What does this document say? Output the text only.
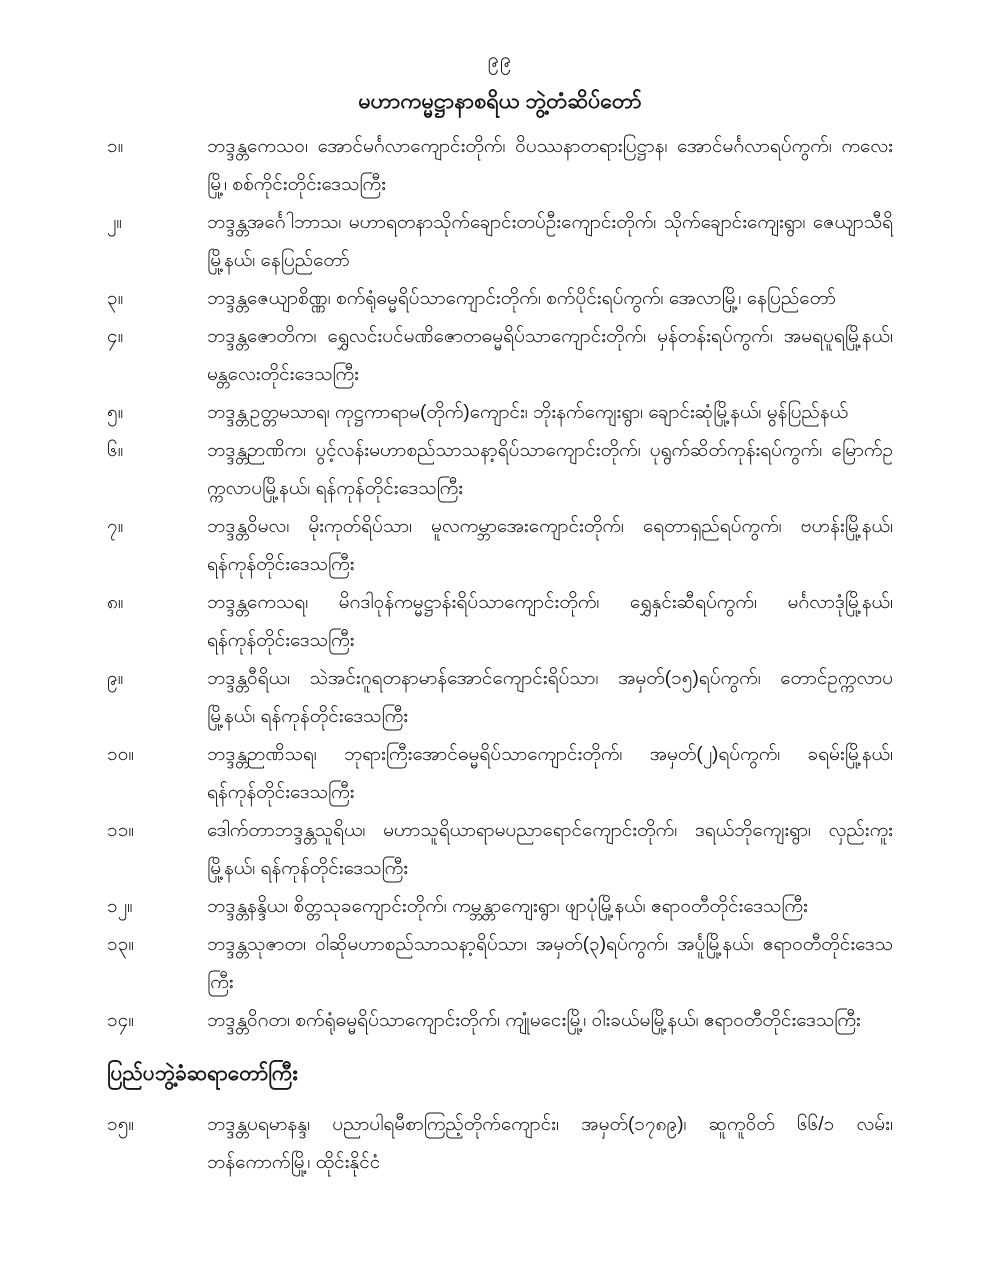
၉၉
မဟာကမ္မဋ္ဌာနာစရိယ ဘွဲ့တံဆိပ်တော်
၁။	ဘဒ္ဒန္တကေသဝ၊ အောင်မင်္ဂလာကျောင်းတိုက်၊ ဝိပဿနာတရားပြဋ္ဌာန၊ အောင်မင်္ဂလာရပ်ကွက်၊ ကလေးမြို့၊ စစ်ကိုင်းတိုင်းဒေသကြီး
၂။	ဘဒ္ဒန္တအင်္ဂေါဘာသ၊ မဟာရတနာသိုက်ချောင်းတပ်ဦးကျောင်းတိုက်၊ သိုက်ချောင်းကျေးရွာ၊ ဇေယျာသီရိမြို့နယ်၊ နေပြည်တော်
၃။	ဘဒ္ဒန္တဇေယျာစိဏ္ဏ၊ စက်ရုံဓမ္မရိပ်သာကျောင်းတိုက်၊ စက်ပိုင်းရပ်ကွက်၊ အေလာမြို့၊ နေပြည်တော်
၄။	ဘဒ္ဒန္တဇောတိက၊ ရွှေလင်းပင်မဏိဇောတဓမ္မရိပ်သာကျောင်းတိုက်၊ မှန်တန်းရပ်ကွက်၊ အမရပူရမြို့နယ်၊ မန္တလေးတိုင်းဒေသကြီး
၅။	ဘဒ္ဒန္တဥတ္တမသာရ၊ ကုဋ္ဌကာရာမ(တိုက်)ကျောင်း၊ ဘိုးနက်ကျေးရွာ၊ ချောင်းဆုံမြို့နယ်၊ မွန်ပြည်နယ်
၆။	ဘဒ္ဒန္တဉာဏိက၊ ပွင့်လန်းမဟာစည်သာသနာ့ရိပ်သာကျောင်းတိုက်၊ ပုရွက်ဆိတ်ကုန်းရပ်ကွက်၊ မြောက်ဥက္ကလာပမြို့နယ်၊ ရန်ကုန်တိုင်းဒေသကြီး
၇။	ဘဒ္ဒန္တဝိမလ၊ မိုးကုတ်ရိပ်သာ၊ မူလကမ္ဘာအေးကျောင်းတိုက်၊ ရေတာရှည်ရပ်ကွက်၊ ဗဟန်းမြို့နယ်၊ ရန်ကုန်တိုင်းဒေသကြီး
၈။	ဘဒ္ဒန္တကေသရ၊ မိဂဒါဝုန်ကမ္မဋ္ဌာန်းရိပ်သာကျောင်းတိုက်၊ ရွှေနှင်းဆီရပ်ကွက်၊ မင်္ဂလာဒုံမြို့နယ်၊ ရန်ကုန်တိုင်းဒေသကြီး
၉။	ဘဒ္ဒန္တဝီရိယ၊ သဲအင်းဂူရတနာမာန်အောင်ကျောင်းရိပ်သာ၊ အမှတ်(၁၅)ရပ်ကွက်၊ တောင်ဥက္ကလာပမြို့နယ်၊ ရန်ကုန်တိုင်းဒေသကြီး
၁၀။	ဘဒ္ဒန္တဉာဏိသရ၊ ဘုရားကြီးအောင်ဓမ္မရိပ်သာကျောင်းတိုက်၊ အမှတ်(၂)ရပ်ကွက်၊ ခရမ်းမြို့နယ်၊ ရန်ကုန်တိုင်းဒေသကြီး
၁၁။	ဒေါက်တာဘဒ္ဒန္တသူရိယ၊ မဟာသူရိယာရာမပညာရောင်ကျောင်းတိုက်၊ ဒရယ်ဘိုကျေးရွာ၊ လှည်းကူးမြို့နယ်၊ ရန်ကုန်တိုင်းဒေသကြီး
၁၂။	ဘဒ္ဒန္တနန္ဒိယ၊ စိတ္တသုခကျောင်းတိုက်၊ ကမ္ဘန္တာကျေးရွာ၊ ဖျာပုံမြို့နယ်၊ ဧရာဝတီတိုင်းဒေသကြီး
၁၃။	ဘဒ္ဒန္တသုဇာတ၊ ဝါဆိုမဟာစည်သာသနာ့ရိပ်သာ၊ အမှတ်(၃)ရပ်ကွက်၊ အင်္ပူမြို့နယ်၊ ဧရာဝတီတိုင်းဒေသကြီး
၁၄။	ဘဒ္ဒန္တဝိဂတ၊ စက်ရုံဓမ္မရိပ်သာကျောင်းတိုက်၊ ကျုံမငေးမြို့၊ ဝါးခယ်မမြို့နယ်၊ ဧရာဝတီတိုင်းဒေသကြီး
ပြည်ပဘွဲ့ခံဆရာတော်ကြီး
၁၅။	ဘဒ္ဒန္တပရမာနန္ဒ၊ ပညာပါရမီစာကြည့်တိုက်ကျောင်း၊ အမှတ်(၁၇၈၉)၊ ဆူကူဝိတ် ၆၆/၁ လမ်း၊ ဘန်ကောက်မြို့၊ ထိုင်းနိုင်ငံ
